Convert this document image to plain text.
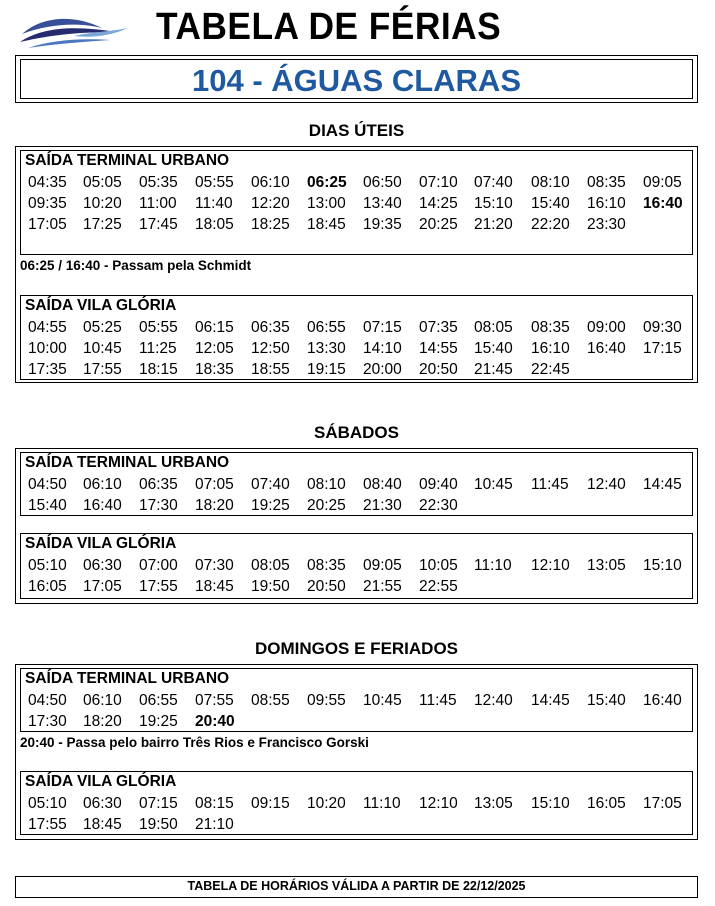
TABELA DE FÉRIAS
104 - ÁGUAS CLARAS
DIAS ÚTEIS
SAÍDA TERMINAL URBANO
04:35 05:05 05:35 05:55 06:10 06:25 06:50 07:10 07:40 08:10 08:35 09:05
09:35 10:20 11:00 11:40 12:20 13:00 13:40 14:25 15:10 15:40 16:10 16:40
17:05 17:25 17:45 18:05 18:25 18:45 19:35 20:25 21:20 22:20 23:30
06:25 / 16:40 - Passam pela Schmidt
SAÍDA VILA GLÓRIA
04:55 05:25 05:55 06:15 06:35 06:55 07:15 07:35 08:05 08:35 09:00 09:30
10:00 10:45 11:25 12:05 12:50 13:30 14:10 14:55 15:40 16:10 16:40 17:15
17:35 17:55 18:15 18:35 18:55 19:15 20:00 20:50 21:45 22:45
SÁBADOS
SAÍDA TERMINAL URBANO
04:50 06:10 06:35 07:05 07:40 08:10 08:40 09:40 10:45 11:45 12:40 14:45
15:40 16:40 17:30 18:20 19:25 20:25 21:30 22:30
SAÍDA VILA GLÓRIA
05:10 06:30 07:00 07:30 08:05 08:35 09:05 10:05 11:10 12:10 13:05 15:10
16:05 17:05 17:55 18:45 19:50 20:50 21:55 22:55
DOMINGOS E FERIADOS
SAÍDA TERMINAL URBANO
04:50 06:10 06:55 07:55 08:55 09:55 10:45 11:45 12:40 14:45 15:40 16:40
17:30 18:20 19:25 20:40
20:40 - Passa pelo bairro Três Rios e Francisco Gorski
SAÍDA VILA GLÓRIA
05:10 06:30 07:15 08:15 09:15 10:20 11:10 12:10 13:05 15:10 16:05 17:05
17:55 18:45 19:50 21:10
TABELA DE HORÁRIOS VÁLIDA A PARTIR DE 22/12/2025
